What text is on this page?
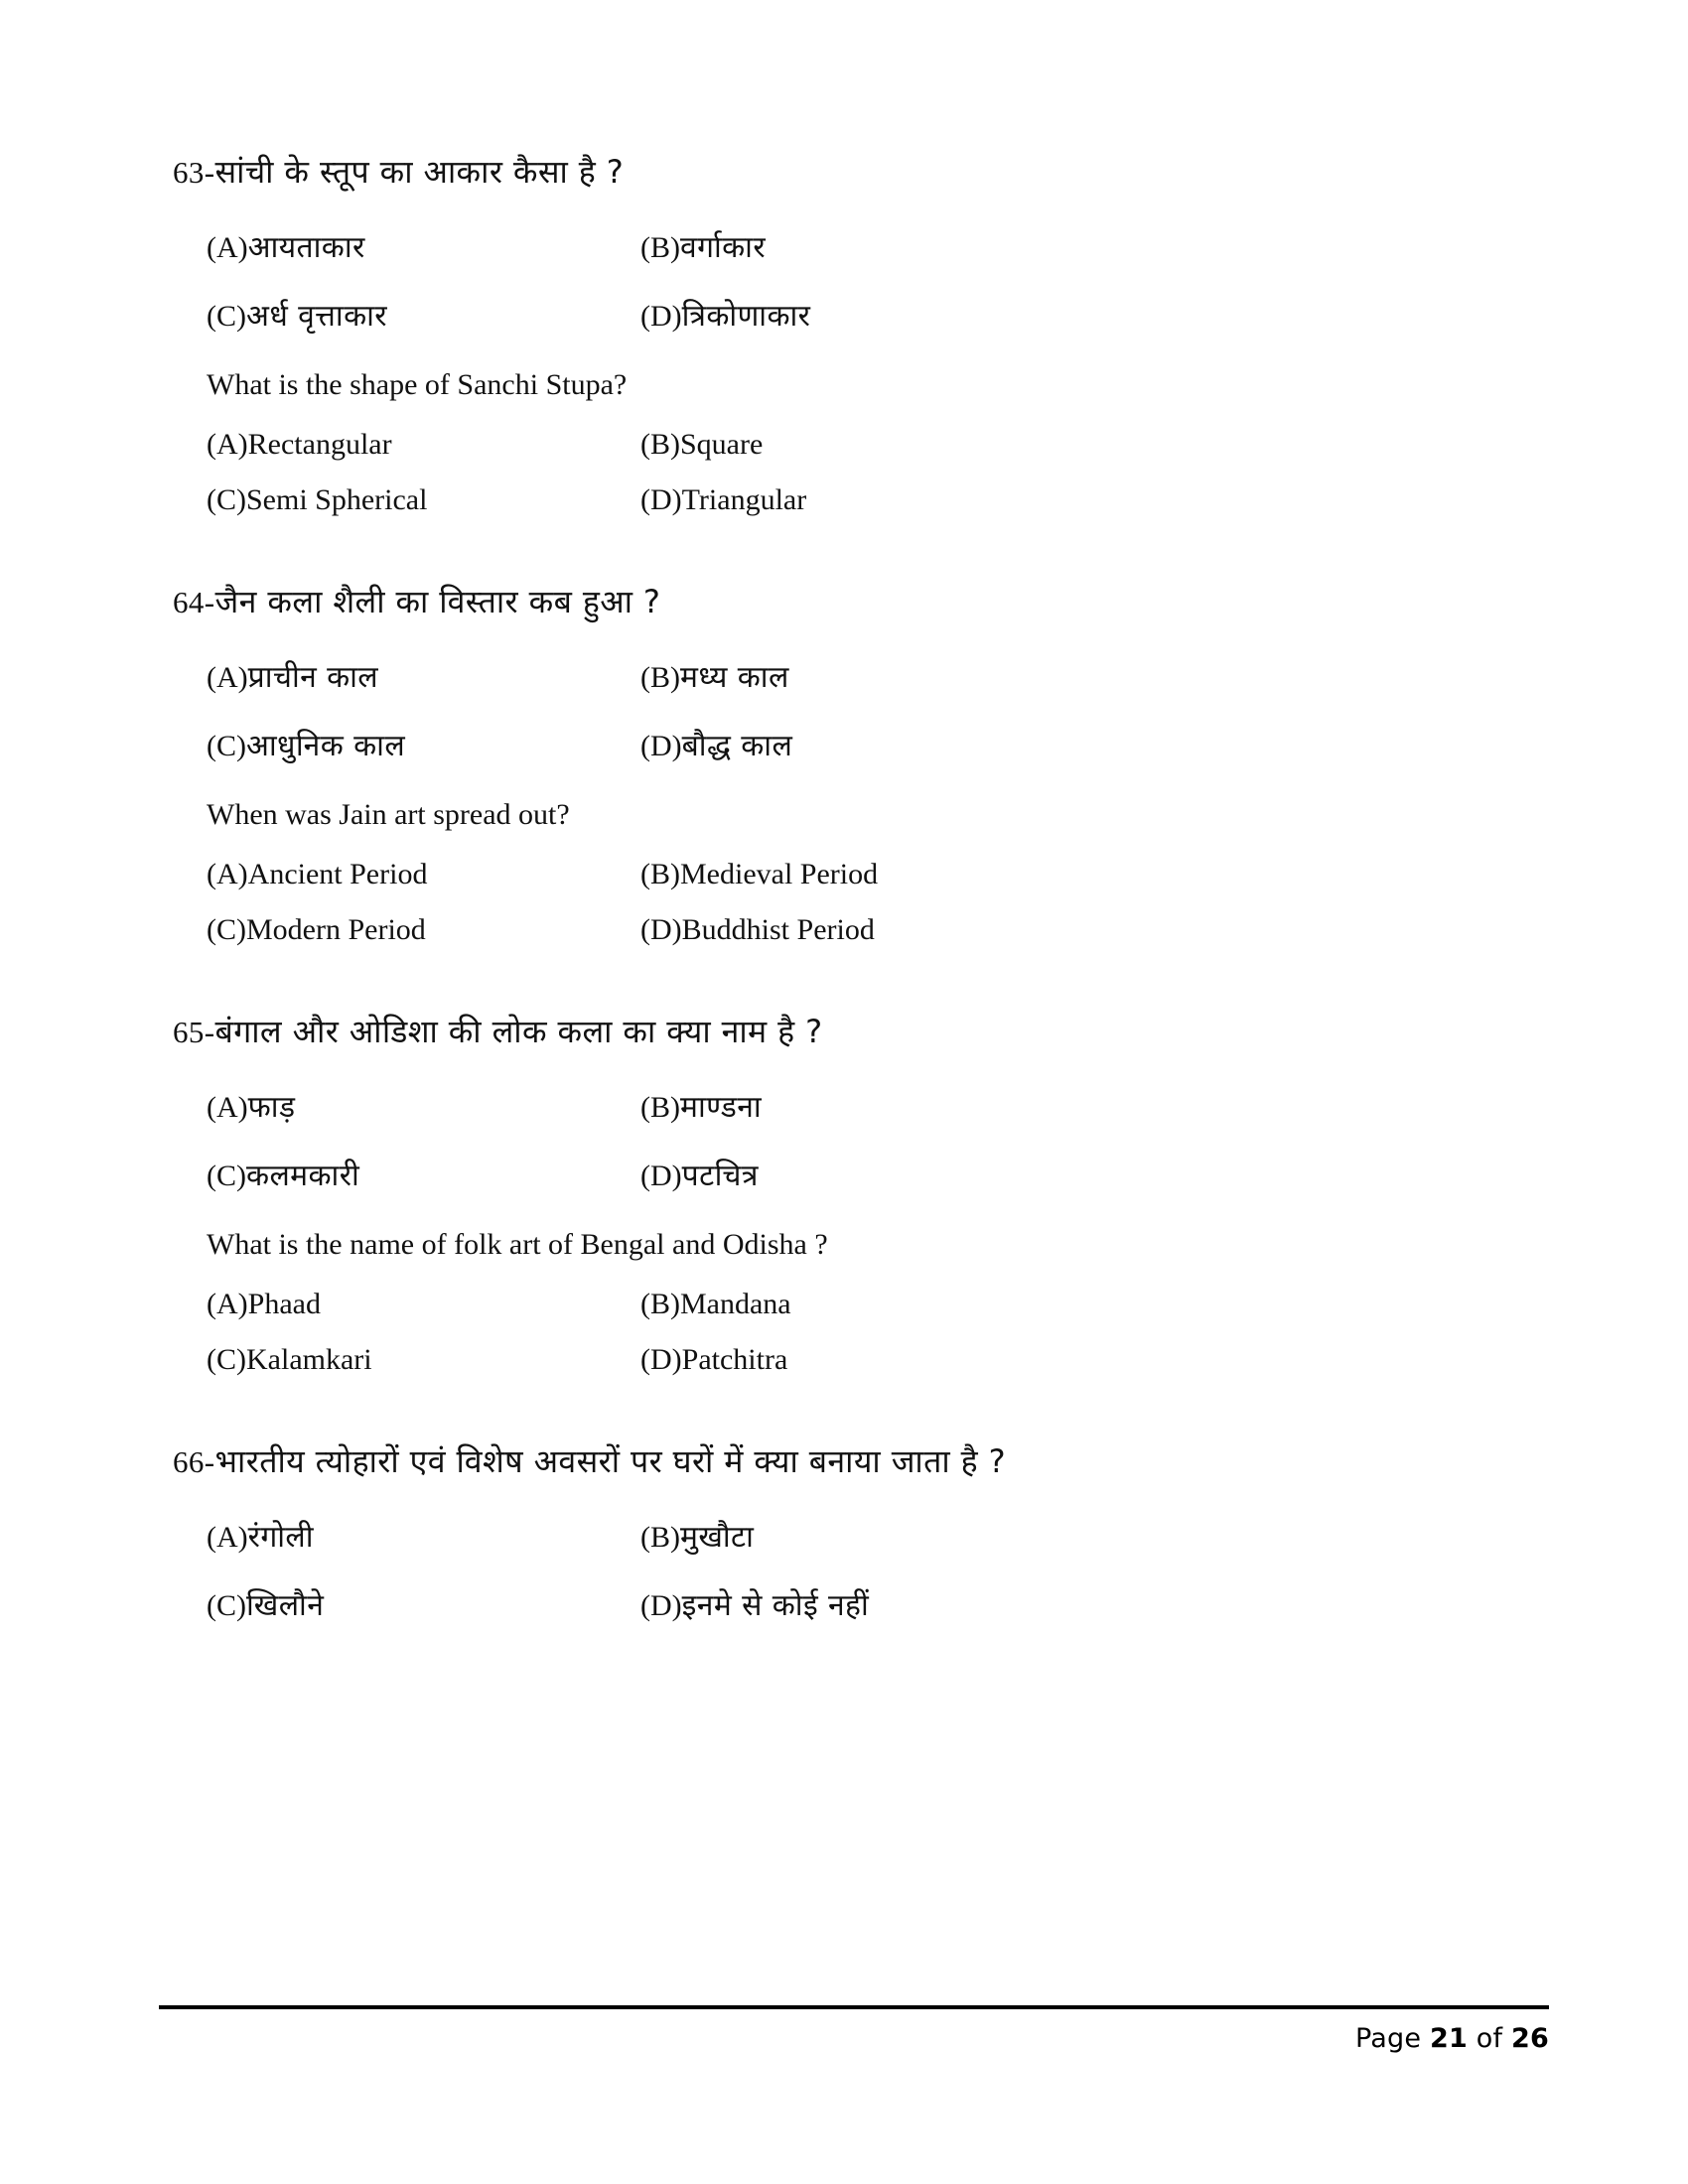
63-सांची के स्तूप का आकार कैसा है ?

(A) आयताकार	(B) वर्गाकार
(C) अर्ध वृत्ताकार	(D) त्रिकोणाकार

What is the shape of Sanchi Stupa?

(A) Rectangular	(B) Square
(C) Semi Spherical	(D) Triangular

64-जैन कला शैली का विस्तार कब हुआ ?

(A) प्राचीन काल	(B) मध्य काल
(C) आधुनिक काल	(D) बौद्ध काल

When was Jain art spread out?

(A) Ancient Period	(B) Medieval Period
(C) Modern Period	(D) Buddhist Period

65-बंगाल और ओडिशा की लोक कला का क्या नाम है ?

(A) फाड़	(B) माण्डना
(C) कलमकारी	(D) पटचित्र

What is the name of folk art of Bengal and Odisha ?

(A) Phaad	(B) Mandana
(C) Kalamkari	(D) Patchitra

66-भारतीय त्योहारों एवं विशेष अवसरों पर घरों में क्या बनाया जाता है ?

(A) रंगोली	(B) मुखौटा
(C) खिलौने	(D) इनमे से कोई नहीं
Page 21 of 26
